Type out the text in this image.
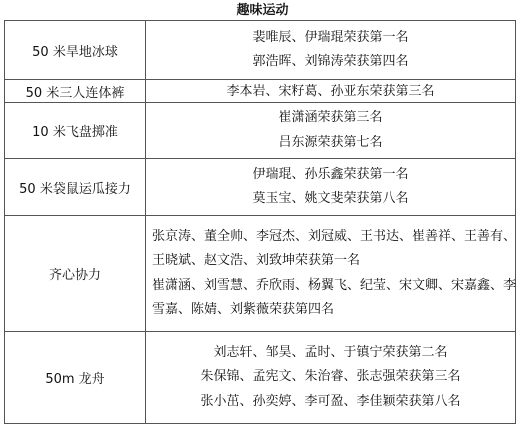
趣味运动
50 米旱地冰球	裴唯辰、伊瑞琨荣获第一名
郭浩晖、刘锦涛荣获第四名

50 米三人连体裤	李本岩、宋籽葛、孙亚东荣获第三名

10 米飞盘掷准	崔潇涵荣获第三名
吕东源荣获第七名

50 米袋鼠运瓜接力	伊瑞琨、孙乐鑫荣获第一名
莫玉宝、姚文斐荣获第八名

齐心协力	张京涛、董全帅、李冠杰、刘冠威、王书达、崔善祥、王善有、
王晓斌、赵文浩、刘致坤荣获第一名
崔潇涵、刘雪慧、乔欣雨、杨翼飞、纪莹、宋文卿、宋嘉鑫、李
雪嘉、陈婧、刘紫薇荣获第四名

50m 龙舟	刘志轩、邹昊、孟时、于镇宁荣获第二名
朱保锦、孟宪文、朱治睿、张志强荣获第三名
张小茁、孙奕婷、李可盈、李佳颖荣获第八名
